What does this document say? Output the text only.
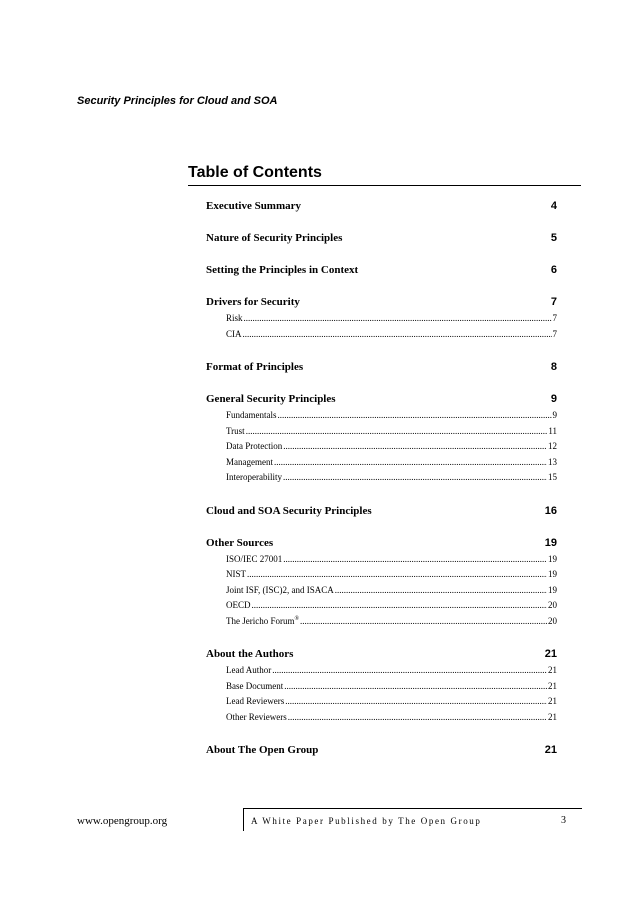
Security Principles for Cloud and SOA
Table of Contents
Executive Summary	4
Nature of Security Principles	5
Setting the Principles in Context	6
Drivers for Security	7
Risk .....	7
CIA .....	7
Format of Principles	8
General Security Principles	9
Fundamentals .....	9
Trust .....	11
Data Protection .....	12
Management .....	13
Interoperability .....	15
Cloud and SOA Security Principles	16
Other Sources	19
ISO/IEC 27001 .....	19
NIST .....	19
Joint ISF, (ISC)2, and ISACA .....	19
OECD .....	20
The Jericho Forum® .....	20
About the Authors	21
Lead Author .....	21
Base Document .....	21
Lead Reviewers .....	21
Other Reviewers .....	21
About The Open Group	21
www.opengroup.org	A White Paper Published by The Open Group	3
